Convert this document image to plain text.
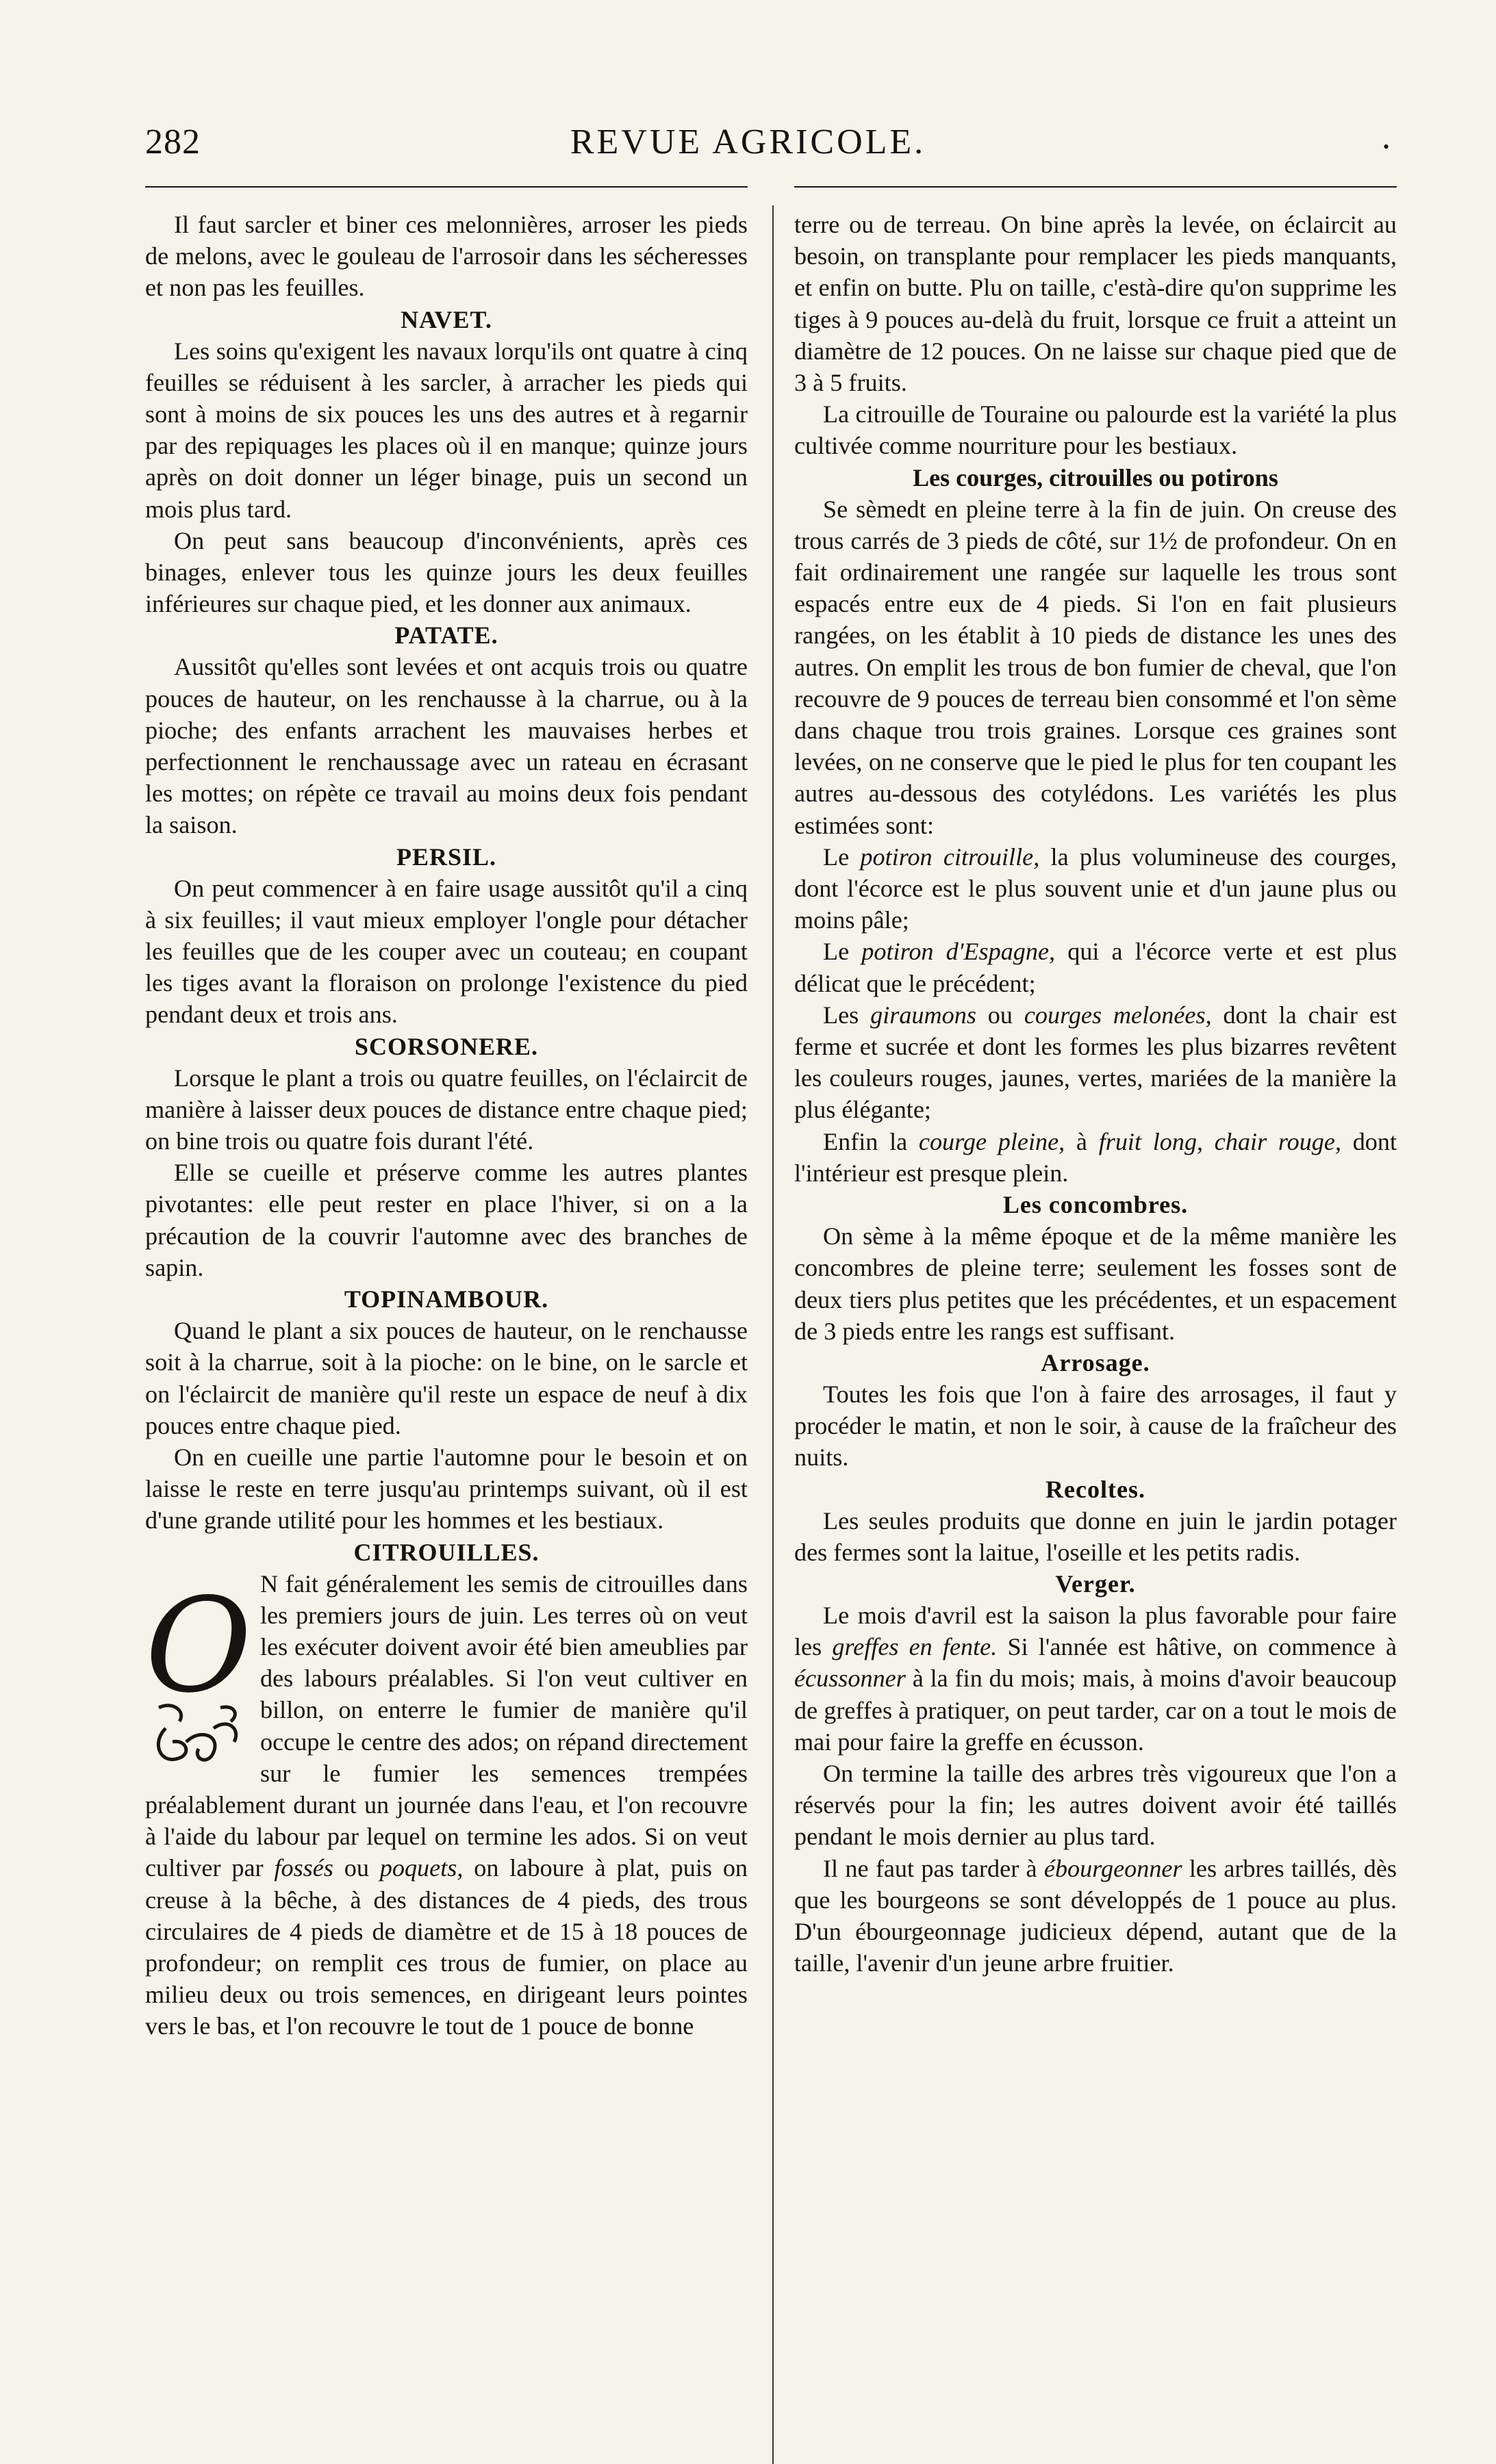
282	REVUE AGRICOLE.	•

Il faut sarcler et biner ces melonnières, arroser les pieds de melons, avec le gouleau de l'arrosoir dans les sécheresses et non pas les feuilles.

NAVET.

Les soins qu'exigent les navaux lorqu'ils ont quatre à cinq feuilles se réduisent à les sarcler, à arracher les pieds qui sont à moins de six pouces les uns des autres et à regarnir par des repiquages les places où il en manque; quinze jours après on doit donner un léger binage, puis un second un mois plus tard.

On peut sans beaucoup d'inconvénients, après ces binages, enlever tous les quinze jours les deux feuilles inférieures sur chaque pied, et les donner aux animaux.

PATATE.

Aussitôt qu'elles sont levées et ont acquis trois ou quatre pouces de hauteur, on les renchausse à la charrue, ou à la pioche; des enfants arrachent les mauvaises herbes et perfectionnent le renchaussage avec un rateau en écrasant les mottes; on répète ce travail au moins deux fois pendant la saison.

PERSIL.

On peut commencer à en faire usage aussitôt qu'il a cinq à six feuilles; il vaut mieux employer l'ongle pour détacher les feuilles que de les couper avec un couteau; en coupant les tiges avant la floraison on prolonge l'existence du pied pendant deux et trois ans.

SCORSONERE.

Lorsque le plant a trois ou quatre feuilles, on l'éclaircit de manière à laisser deux pouces de distance entre chaque pied; on bine trois ou quatre fois durant l'été.

Elle se cueille et préserve comme les autres plantes pivotantes: elle peut rester en place l'hiver, si on a la précaution de la couvrir l'automne avec des branches de sapin.

TOPINAMBOUR.

Quand le plant a six pouces de hauteur, on le renchausse soit à la charrue, soit à la pioche: on le bine, on le sarcle et on l'éclaircit de manière qu'il reste un espace de neuf à dix pouces entre chaque pied.

On en cueille une partie l'automne pour le besoin et on laisse le reste en terre jusqu'au printemps suivant, où il est d'une grande utilité pour les hommes et les bestiaux.

CITROUILLES.
O N fait généralement les semis de citrouilles dans les premiers jours de juin. Les terres où on veut les exécuter doivent avoir été bien ameublies par des labours préalables. Si l'on veut cultiver en billon, on enterre le fumier de manière qu'il occupe le centre des ados; on répand directement sur le fumier les semences trempées préalablement durant un journée dans l'eau, et l'on recouvre à l'aide du labour par lequel on termine les ados. Si on veut cultiver par fossés ou poquets, on laboure à plat, puis on creuse à la bêche, à des distances de 4 pieds, des trous circulaires de 4 pieds de diamètre et de 15 à 18 pouces de profondeur; on remplit ces trous de fumier, on place au milieu deux ou trois semences, en dirigeant leurs pointes vers le bas, et l'on recouvre le tout de 1 pouce de bonne

terre ou de terreau. On bine après la levée, on éclaircit au besoin, on transplante pour remplacer les pieds manquants, et enfin on butte. Plu on taille, c'està-dire qu'on supprime les tiges à 9 pouces au-delà du fruit, lorsque ce fruit a atteint un diamètre de 12 pouces. On ne laisse sur chaque pied que de 3 à 5 fruits.

La citrouille de Touraine ou palourde est la variété la plus cultivée comme nourriture pour les bestiaux.

Les courges, citrouilles ou potirons

Se sèmedt en pleine terre à la fin de juin. On creuse des trous carrés de 3 pieds de côté, sur 1½ de profondeur. On en fait ordinairement une rangée sur laquelle les trous sont espacés entre eux de 4 pieds. Si l'on en fait plusieurs rangées, on les établit à 10 pieds de distance les unes des autres. On emplit les trous de bon fumier de cheval, que l'on recouvre de 9 pouces de terreau bien consommé et l'on sème dans chaque trou trois graines. Lorsque ces graines sont levées, on ne conserve que le pied le plus for ten coupant les autres au-dessous des cotylédons. Les variétés les plus estimées sont:

Le potiron citrouille, la plus volumineuse des courges, dont l'écorce est le plus souvent unie et d'un jaune plus ou moins pâle;

Le potiron d'Espagne, qui a l'écorce verte et est plus délicat que le précédent;

Les giraumons ou courges melonées, dont la chair est ferme et sucrée et dont les formes les plus bizarres revêtent les couleurs rouges, jaunes, vertes, mariées de la manière la plus élégante;

Enfin la courge pleine, à fruit long, chair rouge, dont l'intérieur est presque plein.

Les concombres.

On sème à la même époque et de la même manière les concombres de pleine terre; seulement les fosses sont de deux tiers plus petites que les précédentes, et un espacement de 3 pieds entre les rangs est suffisant.

Arrosage.

Toutes les fois que l'on à faire des arrosages, il faut y procéder le matin, et non le soir, à cause de la fraîcheur des nuits.

Recoltes.

Les seules produits que donne en juin le jardin potager des fermes sont la laitue, l'oseille et les petits radis.

Verger.

Le mois d'avril est la saison la plus favorable pour faire les greffes en fente. Si l'année est hâtive, on commence à écussonner à la fin du mois; mais, à moins d'avoir beaucoup de greffes à pratiquer, on peut tarder, car on a tout le mois de mai pour faire la greffe en écusson.

On termine la taille des arbres très vigoureux que l'on a réservés pour la fin; les autres doivent avoir été taillés pendant le mois dernier au plus tard.

Il ne faut pas tarder à ébourgeonner les arbres taillés, dès que les bourgeons se sont développés de 1 pouce au plus. D'un ébourgeonnage judicieux dépend, autant que de la taille, l'avenir d'un jeune arbre fruitier.
